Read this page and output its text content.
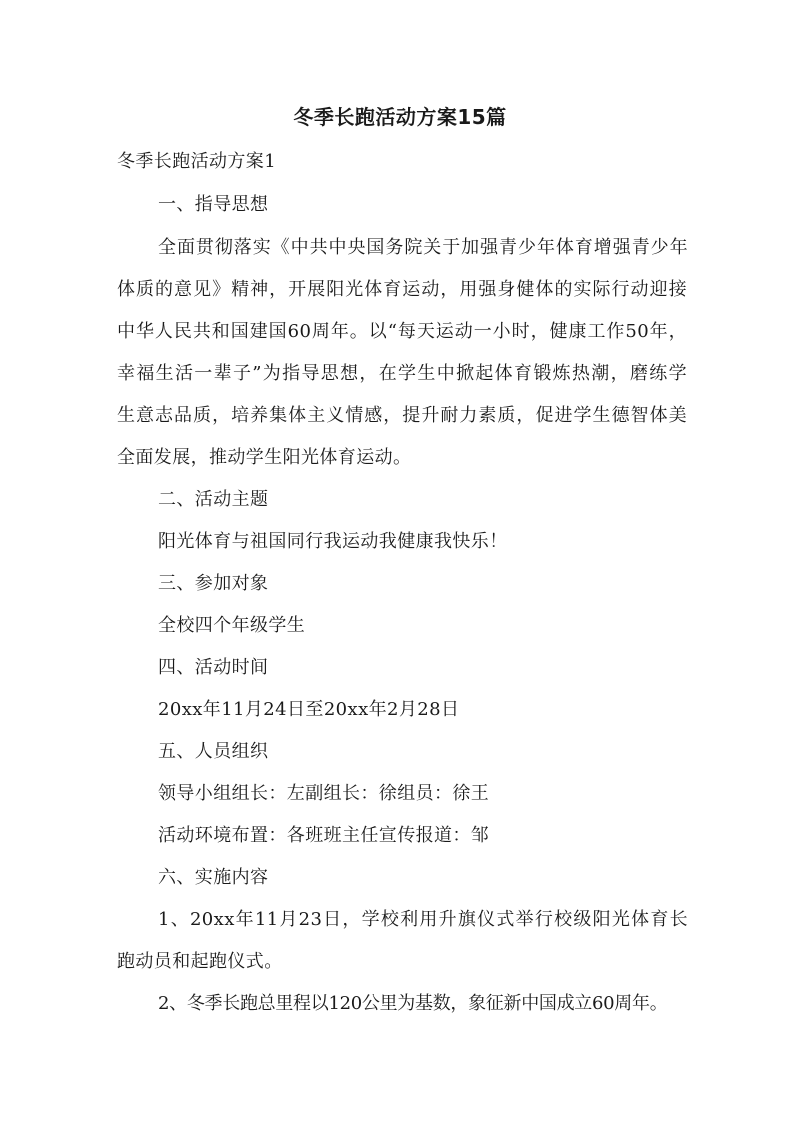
冬季长跑活动方案15篇
冬季长跑活动方案1
一、指导思想
全面贯彻落实《中共中央国务院关于加强青少年体育增强青少年
体质的意见》精神，开展阳光体育运动，用强身健体的实际行动迎接
中华人民共和国建国60周年。以“每天运动一小时，健康工作50年，
幸福生活一辈子”为指导思想，在学生中掀起体育锻炼热潮，磨练学
生意志品质，培养集体主义情感，提升耐力素质，促进学生德智体美
全面发展，推动学生阳光体育运动。
二、活动主题
阳光体育与祖国同行我运动我健康我快乐！
三、参加对象
全校四个年级学生
四、活动时间
20xx年11月24日至20xx年2月28日
五、人员组织
领导小组组长：左副组长：徐组员：徐王
活动环境布置：各班班主任宣传报道：邹
六、实施内容
1、20xx年11月23日，学校利用升旗仪式举行校级阳光体育长
跑动员和起跑仪式。
2、冬季长跑总里程以120公里为基数，象征新中国成立60周年。
